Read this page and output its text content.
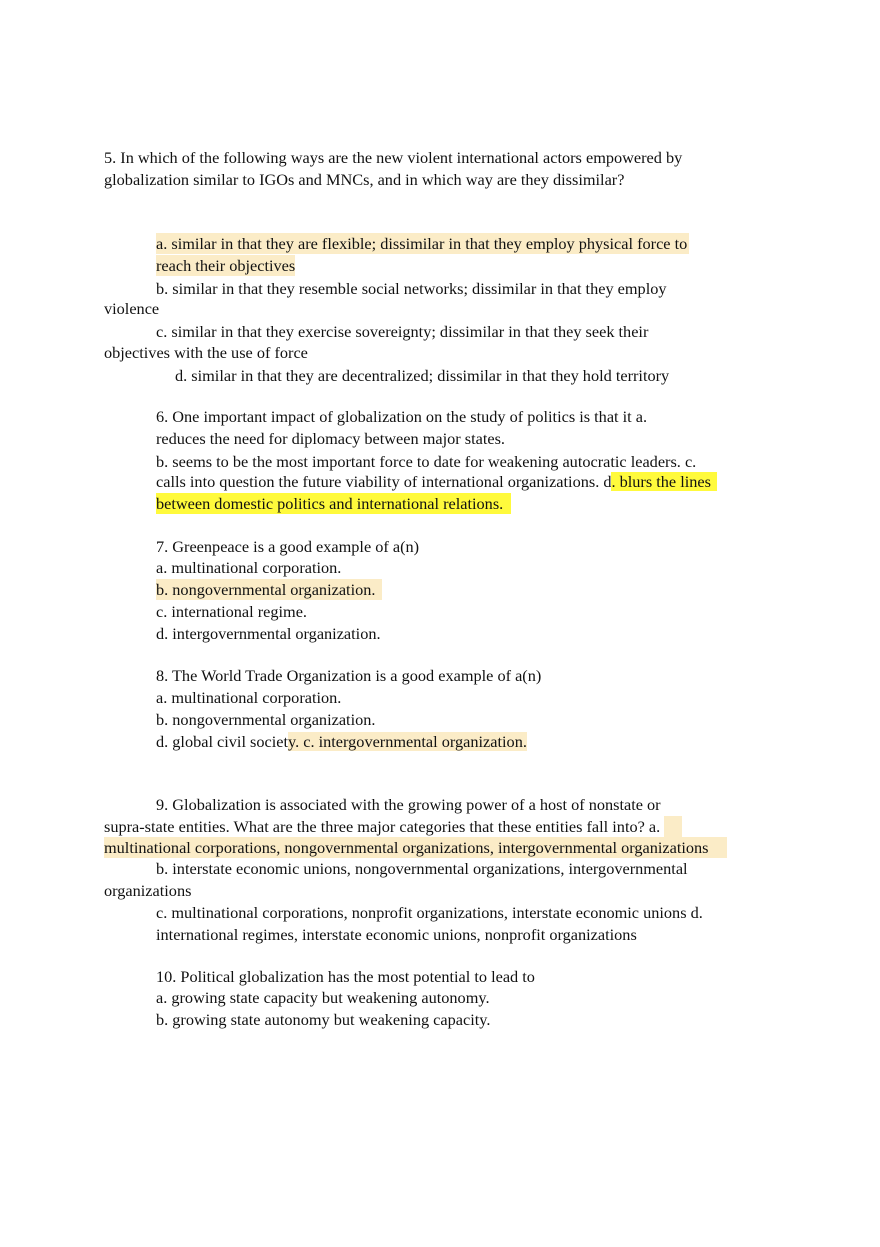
5. In which of the following ways are the new violent international actors empowered by
globalization similar to IGOs and MNCs, and in which way are they dissimilar?
a. similar in that they are flexible; dissimilar in that they employ physical force to
reach their objectives
b. similar in that they resemble social networks; dissimilar in that they employ
violence
c. similar in that they exercise sovereignty; dissimilar in that they seek their
objectives with the use of force
d. similar in that they are decentralized; dissimilar in that they hold territory
6. One important impact of globalization on the study of politics is that it a.
reduces the need for diplomacy between major states.
b. seems to be the most important force to date for weakening autocratic leaders. c.
calls into question the future viability of international organizations. d. blurs the lines
between domestic politics and international relations.
7. Greenpeace is a good example of a(n)
a. multinational corporation.
b. nongovernmental organization.
c. international regime.
d. intergovernmental organization.
8. The World Trade Organization is a good example of a(n)
a. multinational corporation.
b. nongovernmental organization.
d. global civil society. c. intergovernmental organization.
9. Globalization is associated with the growing power of a host of nonstate or
supra-state entities. What are the three major categories that these entities fall into? a.
multinational corporations, nongovernmental organizations, intergovernmental organizations
b. interstate economic unions, nongovernmental organizations, intergovernmental
organizations
c. multinational corporations, nonprofit organizations, interstate economic unions d.
international regimes, interstate economic unions, nonprofit organizations
10. Political globalization has the most potential to lead to
a. growing state capacity but weakening autonomy.
b. growing state autonomy but weakening capacity.
